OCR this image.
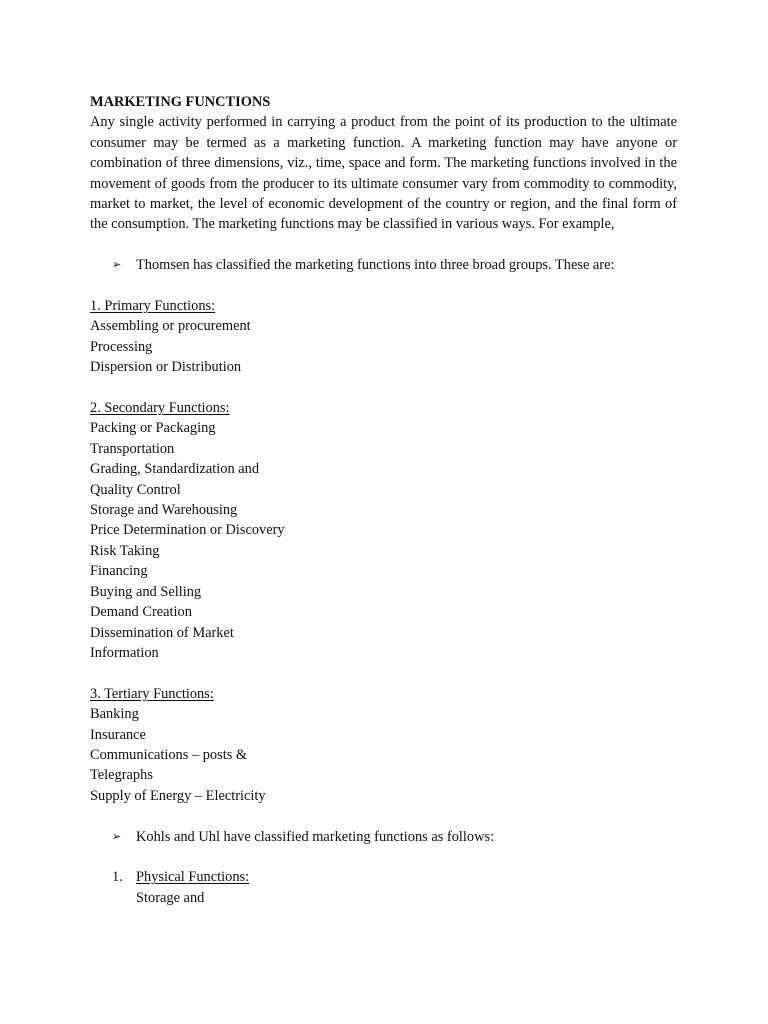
MARKETING FUNCTIONS

Any single activity performed in carrying a product from the point of its production to the ultimate consumer may be termed as a marketing function. A marketing function may have anyone or combination of three dimensions, viz., time, space and form. The marketing functions involved in the movement of goods from the producer to its ultimate consumer vary from commodity to commodity, market to market, the level of economic development of the country or region, and the final form of the consumption. The marketing functions may be classified in various ways. For example,

➢ Thomsen has classified the marketing functions into three broad groups. These are:

1. Primary Functions:

Assembling or procurement

Processing

Dispersion or Distribution

2. Secondary Functions:

Packing or Packaging

Transportation

Grading, Standardization and

Quality Control

Storage and Warehousing

Price Determination or Discovery

Risk Taking

Financing

Buying and Selling

Demand Creation

Dissemination of Market

Information

3. Tertiary Functions:

Banking

Insurance

Communications – posts &

Telegraphs

Supply of Energy – Electricity

➢ Kohls and Uhl have classified marketing functions as follows:

1. Physical Functions:

Storage and
